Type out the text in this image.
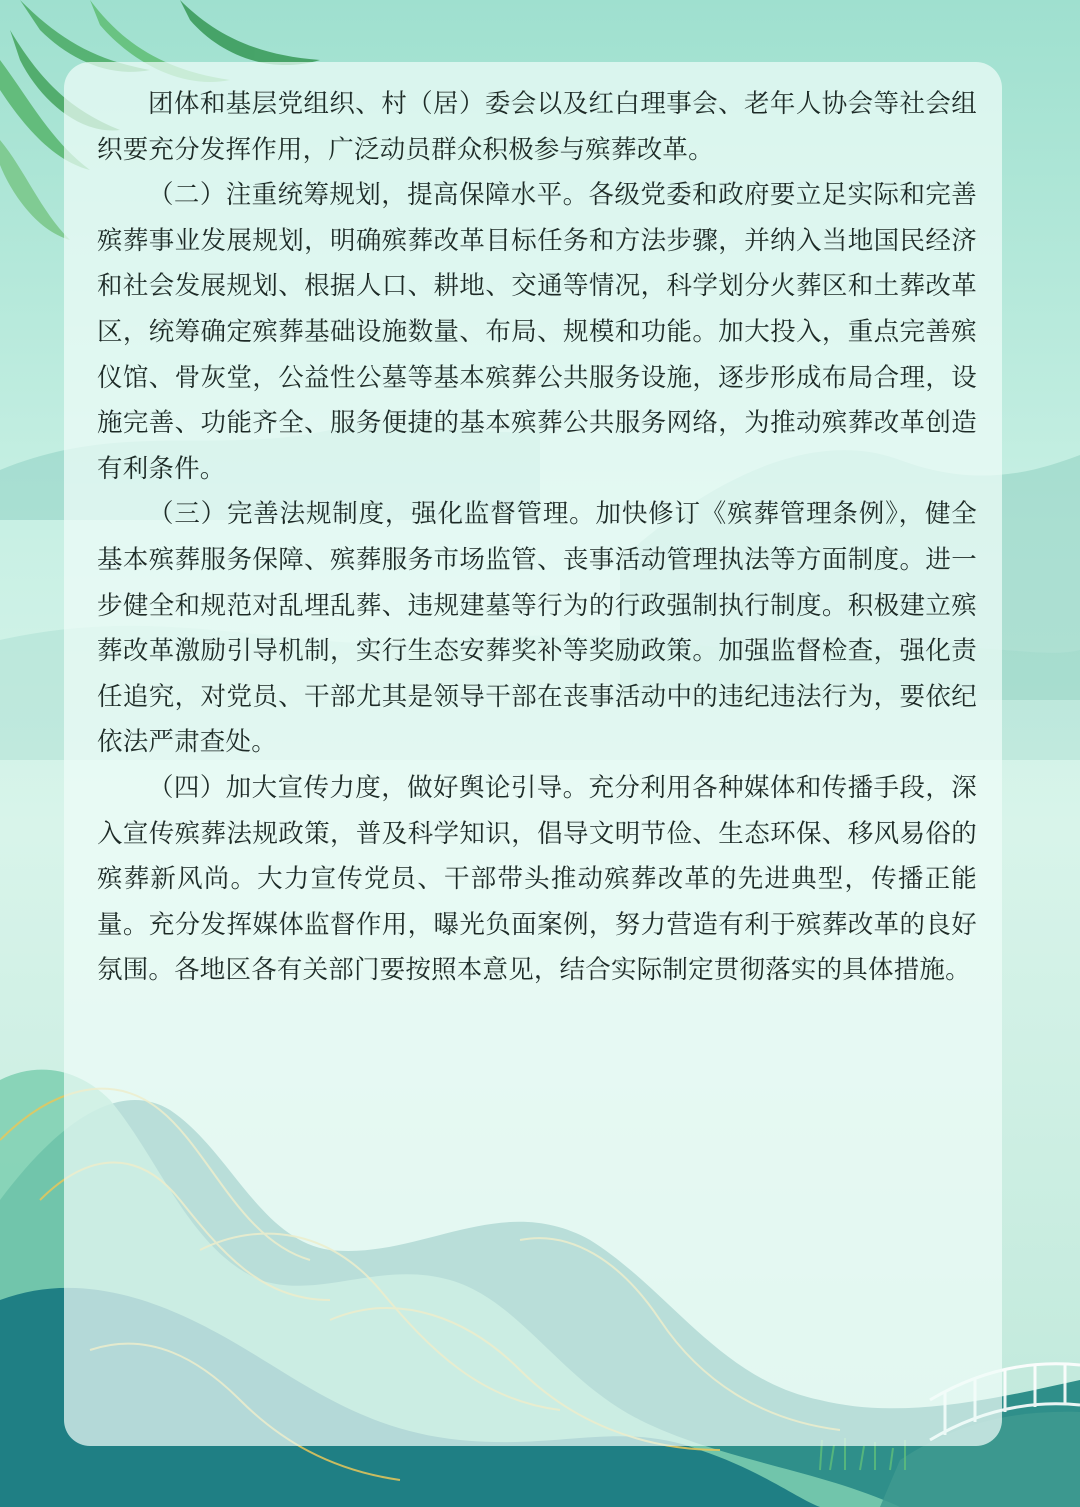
团体和基层党组织、村（居）委会以及红白理事会、老年人协会等社会组织要充分发挥作用，广泛动员群众积极参与殡葬改革。

（二）注重统筹规划，提高保障水平。各级党委和政府要立足实际和完善殡葬事业发展规划，明确殡葬改革目标任务和方法步骤，并纳入当地国民经济和社会发展规划、根据人口、耕地、交通等情况，科学划分火葬区和土葬改革区，统筹确定殡葬基础设施数量、布局、规模和功能。加大投入，重点完善殡仪馆、骨灰堂，公益性公墓等基本殡葬公共服务设施，逐步形成布局合理，设施完善、功能齐全、服务便捷的基本殡葬公共服务网络，为推动殡葬改革创造有利条件。

（三）完善法规制度，强化监督管理。加快修订《殡葬管理条例》，健全基本殡葬服务保障、殡葬服务市场监管、丧事活动管理执法等方面制度。进一步健全和规范对乱埋乱葬、违规建墓等行为的行政强制执行制度。积极建立殡葬改革激励引导机制，实行生态安葬奖补等奖励政策。加强监督检查，强化责任追究，对党员、干部尤其是领导干部在丧事活动中的违纪违法行为，要依纪依法严肃查处。

（四）加大宣传力度，做好舆论引导。充分利用各种媒体和传播手段，深入宣传殡葬法规政策，普及科学知识，倡导文明节俭、生态环保、移风易俗的殡葬新风尚。大力宣传党员、干部带头推动殡葬改革的先进典型，传播正能量。充分发挥媒体监督作用，曝光负面案例，努力营造有利于殡葬改革的良好氛围。各地区各有关部门要按照本意见，结合实际制定贯彻落实的具体措施。
